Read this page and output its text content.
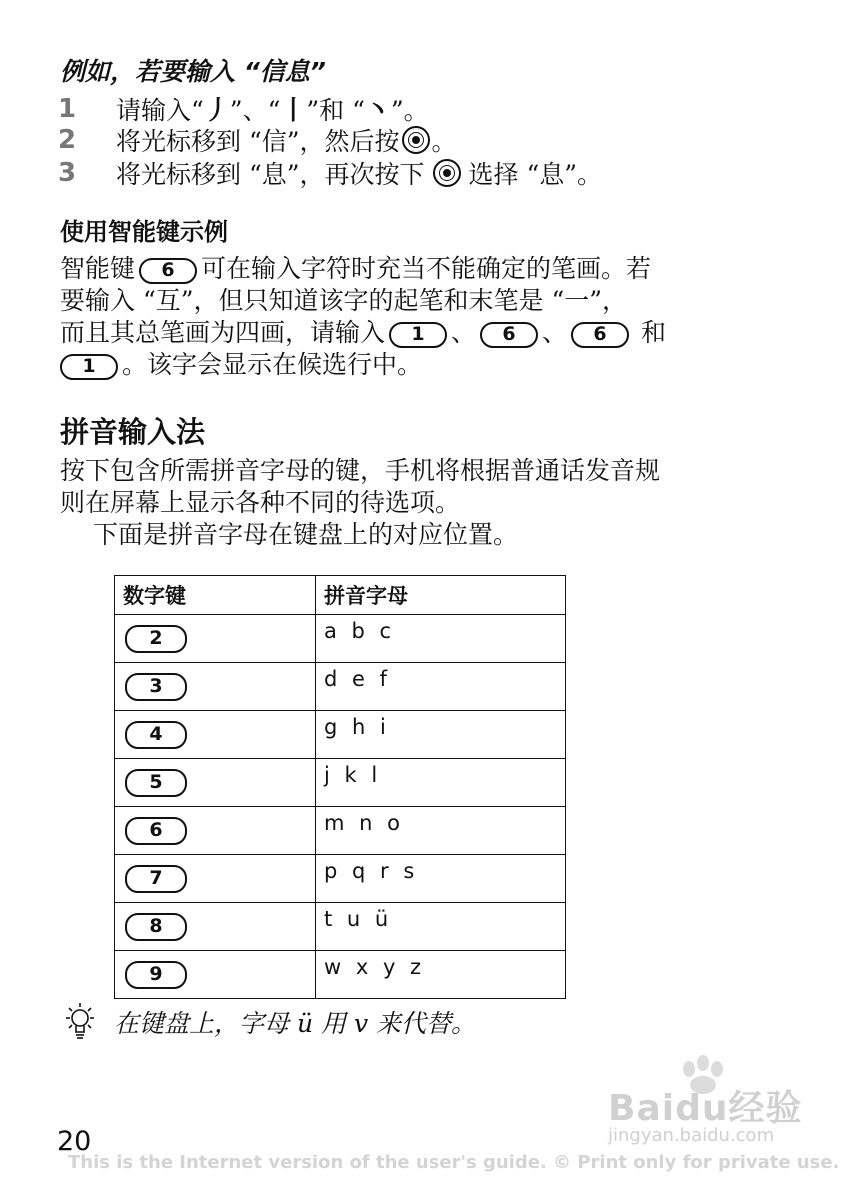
例如，若要输入 “信息”
1	请输入“ 丿 ”、“ 丨 ”和 “ 丶 ”。
2	将光标移到 “信”，然后按 。
3	将光标移到 “息”，再次按下 选择 “息”。
使用智能键示例
智能键 6 可在输入字符时充当不能确定的笔画。若
要输入 “互”，但只知道该字的起笔和末笔是 “一”，
而且其总笔画为四画，请输入 1 、 6 、 6 和
1 。该字会显示在候选行中。
拼音输入法
按下包含所需拼音字母的键，手机将根据普通话发音规
则在屏幕上显示各种不同的待选项。
下面是拼音字母在键盘上的对应位置。
数字键	拼音字母
2	a b c
3	d e f
4	g h i
5	j k l
6	m n o
7	p q r s
8	t u ü
9	w x y z
在键盘上，字母 ü 用 v 来代替。
Baidu经验
jingyan.baidu.com
20
This is the Internet version of the user's guide. © Print only for private use.
